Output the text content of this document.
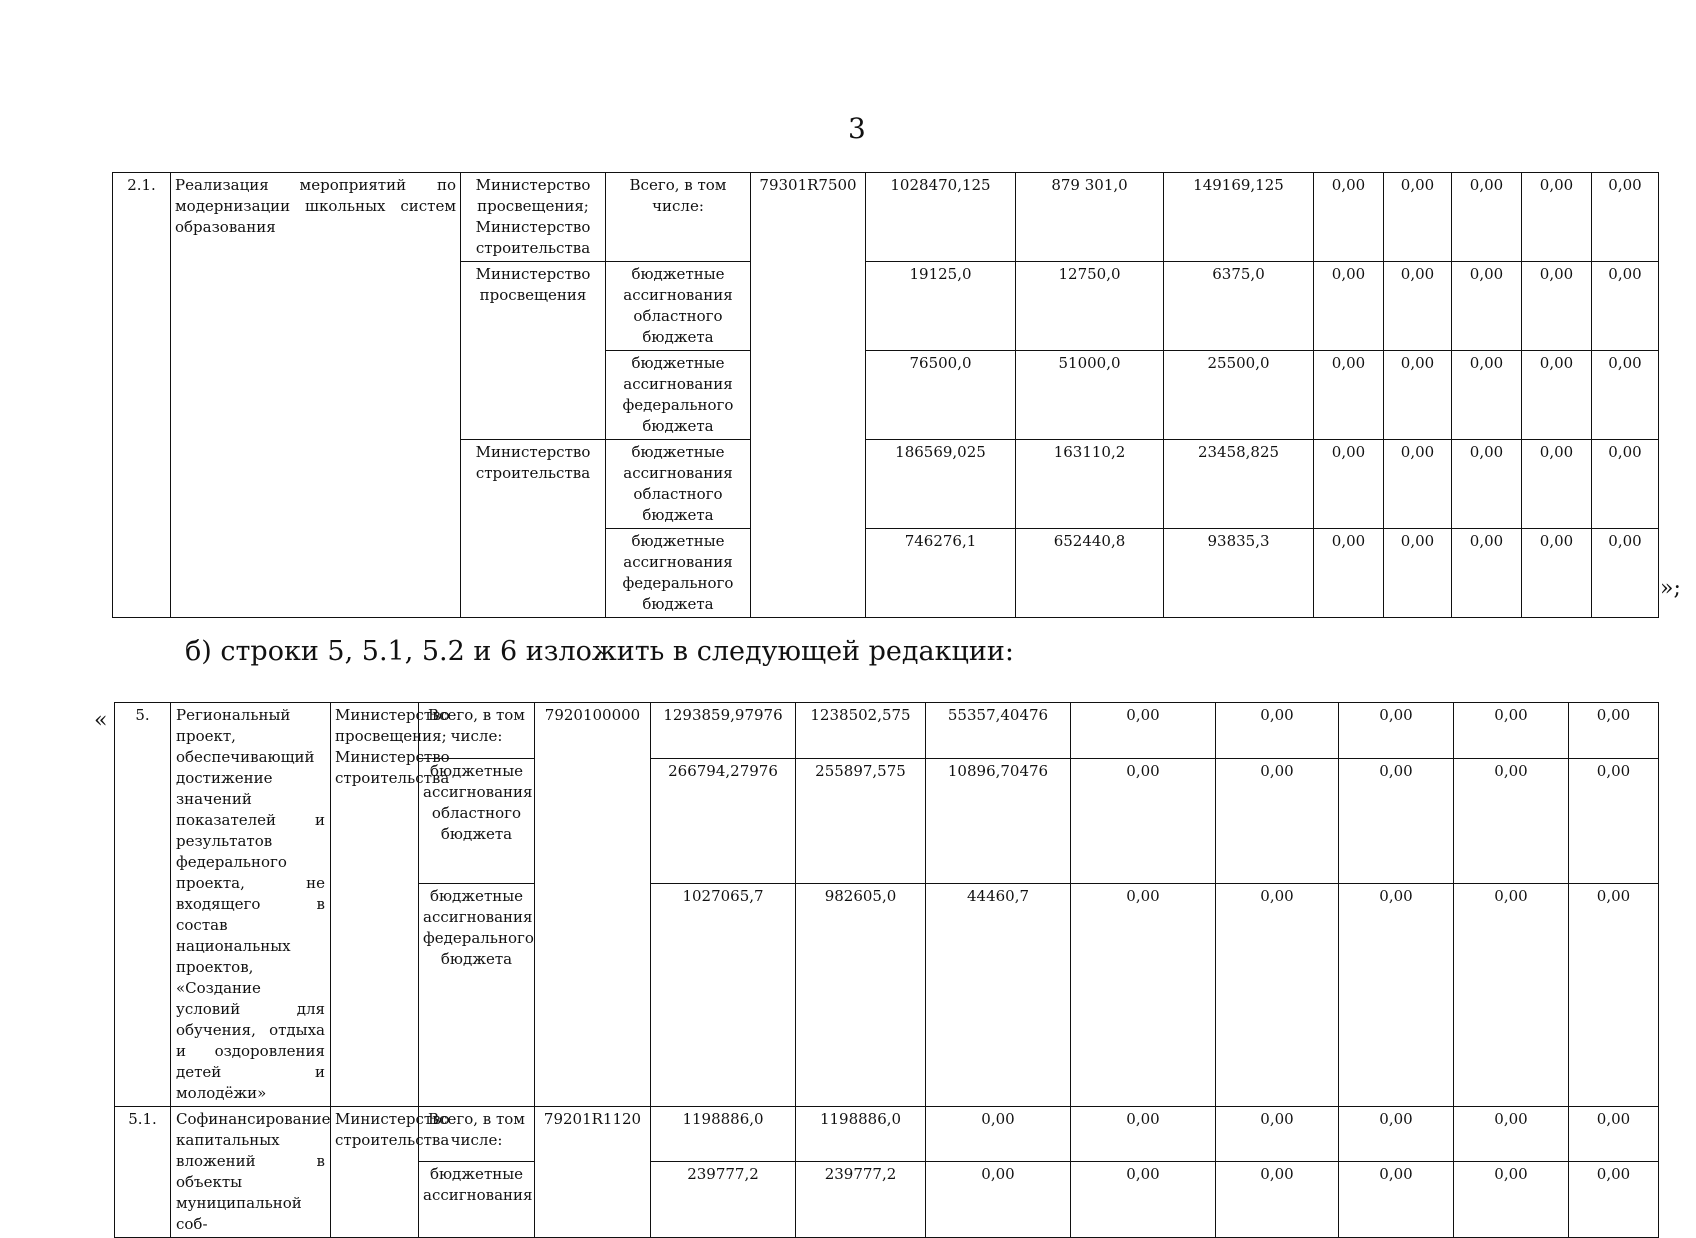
3
2.1.	Реализация мероприятий по модернизации школьных систем образования	Министерство просвещения; Министерство строительства	Всего, в том числе:	79301R7500	1028470,125	879 301,0	149169,125	0,00	0,00	0,00	0,00	0,00
		Министерство просвещения	бюджетные ассигнования областного бюджета		19125,0	12750,0	6375,0	0,00	0,00	0,00	0,00	0,00
			бюджетные ассигнования федерального бюджета		76500,0	51000,0	25500,0	0,00	0,00	0,00	0,00	0,00
		Министерство строительства	бюджетные ассигнования областного бюджета		186569,025	163110,2	23458,825	0,00	0,00	0,00	0,00	0,00
			бюджетные ассигнования федерального бюджета		746276,1	652440,8	93835,3	0,00	0,00	0,00	0,00	0,00
»;
б) строки 5, 5.1, 5.2 и 6 изложить в следующей редакции:
« 5.	Региональный проект, обеспечивающий достижение значений показателей и результатов федерального проекта, не входящего в состав национальных проектов, «Создание условий для обучения, отдыха и оздоровления детей и молодёжи»	Министерство просвещения; Министерство строительства	Всего, в том числе:	7920100000	1293859,97976	1238502,575	55357,40476	0,00	0,00	0,00	0,00	0,00
			бюджетные ассигнования областного бюджета		266794,27976	255897,575	10896,70476	0,00	0,00	0,00	0,00	0,00
			бюджетные ассигнования федерального бюджета		1027065,7	982605,0	44460,7	0,00	0,00	0,00	0,00	0,00
5.1.	Софинансирование капитальных вложений в объекты муниципальной соб-	Министерство строительства	Всего, в том числе:	79201R1120	1198886,0	1198886,0	0,00	0,00	0,00	0,00	0,00	0,00
			бюджетные ассигнования		239777,2	239777,2	0,00	0,00	0,00	0,00	0,00	0,00
